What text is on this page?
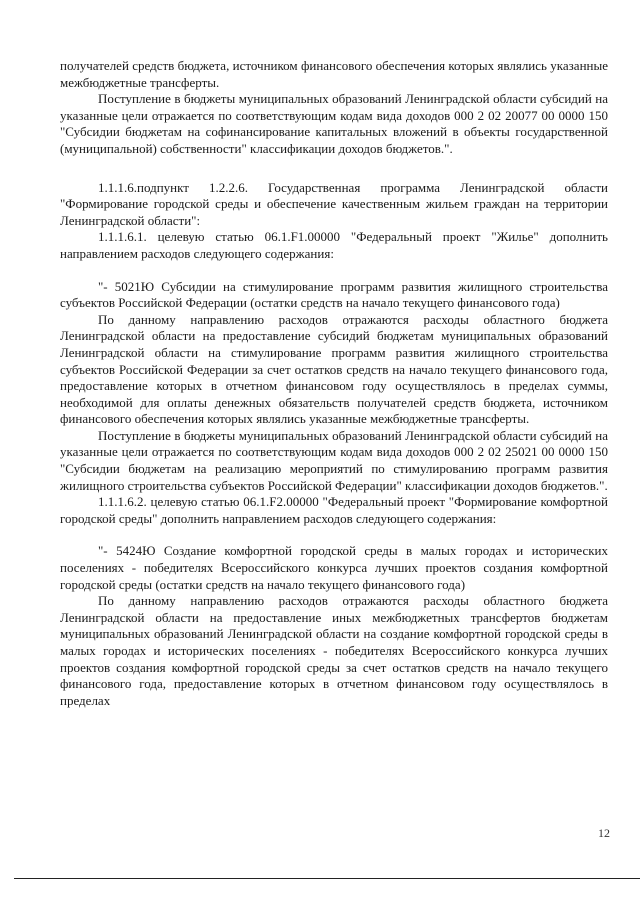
получателей средств бюджета, источником финансового обеспечения которых являлись указанные межбюджетные трансферты.

Поступление в бюджеты муниципальных образований Ленинградской области субсидий на указанные цели отражается по соответствующим кодам вида доходов 000 2 02 20077 00 0000 150 "Субсидии бюджетам на софинансирование капитальных вложений в объекты государственной (муниципальной) собственности" классификации доходов бюджетов.".

1.1.1.6.подпункт 1.2.2.6. Государственная программа Ленинградской области "Формирование городской среды и обеспечение качественным жильем граждан на территории Ленинградской области":

1.1.1.6.1. целевую статью 06.1.F1.00000 "Федеральный проект "Жилье" дополнить направлением расходов следующего содержания:

"- 5021Ю Субсидии на стимулирование программ развития жилищного строительства субъектов Российской Федерации (остатки средств на начало текущего финансового года)

По данному направлению расходов отражаются расходы областного бюджета Ленинградской области на предоставление субсидий бюджетам муниципальных образований Ленинградской области на стимулирование программ развития жилищного строительства субъектов Российской Федерации за счет остатков средств на начало текущего финансового года, предоставление которых в отчетном финансовом году осуществлялось в пределах суммы, необходимой для оплаты денежных обязательств получателей средств бюджета, источником финансового обеспечения которых являлись указанные межбюджетные трансферты.

Поступление в бюджеты муниципальных образований Ленинградской области субсидий на указанные цели отражается по соответствующим кодам вида доходов 000 2 02 25021 00 0000 150 "Субсидии бюджетам на реализацию мероприятий по стимулированию программ развития жилищного строительства субъектов Российской Федерации" классификации доходов бюджетов.".

1.1.1.6.2. целевую статью 06.1.F2.00000 "Федеральный проект "Формирование комфортной городской среды" дополнить направлением расходов следующего содержания:

"- 5424Ю Создание комфортной городской среды в малых городах и исторических поселениях - победителях Всероссийского конкурса лучших проектов создания комфортной городской среды (остатки средств на начало текущего финансового года)

По данному направлению расходов отражаются расходы областного бюджета Ленинградской области на предоставление иных межбюджетных трансфертов бюджетам муниципальных образований Ленинградской области на создание комфортной городской среды в малых городах и исторических поселениях - победителях Всероссийского конкурса лучших проектов создания комфортной городской среды за счет остатков средств на начало текущего финансового года, предоставление которых в отчетном финансовом году осуществлялось в пределах

12
